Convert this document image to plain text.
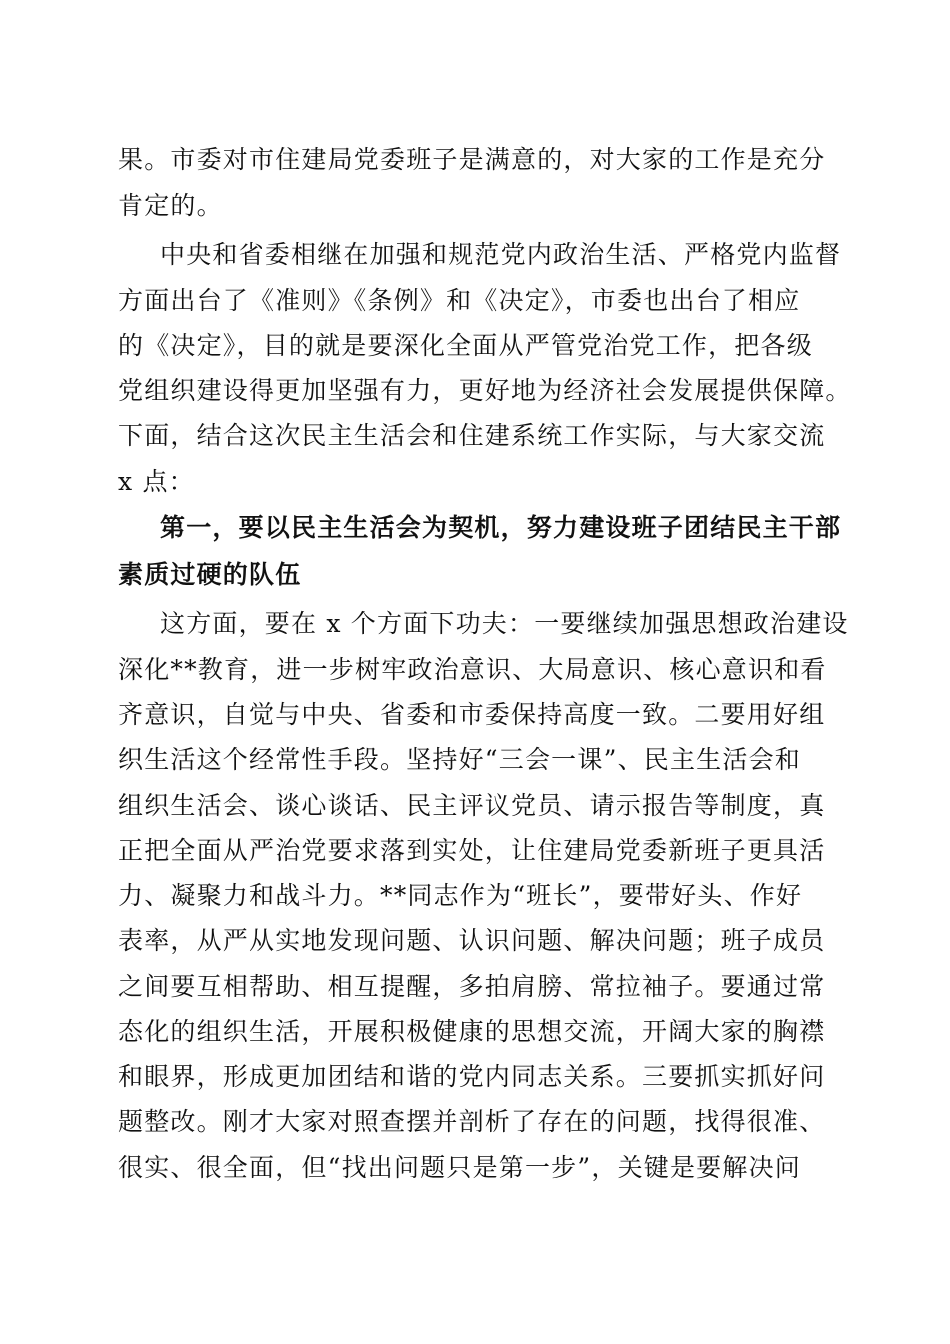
果。市委对市住建局党委班子是满意的，对大家的工作是充分
肯定的。
中央和省委相继在加强和规范党内政治生活、严格党内监督
方面出台了《准则》《条例》和《决定》，市委也出台了相应
的《决定》，目的就是要深化全面从严管党治党工作，把各级
党组织建设得更加坚强有力，更好地为经济社会发展提供保障。
下面，结合这次民主生活会和住建系统工作实际，与大家交流
x 点：
第一，要以民主生活会为契机，努力建设班子团结民主干部
素质过硬的队伍
这方面，要在 x 个方面下功夫：一要继续加强思想政治建设
深化**教育，进一步树牢政治意识、大局意识、核心意识和看
齐意识，自觉与中央、省委和市委保持高度一致。二要用好组
织生活这个经常性手段。坚持好“三会一课”、民主生活会和
组织生活会、谈心谈话、民主评议党员、请示报告等制度，真
正把全面从严治党要求落到实处，让住建局党委新班子更具活
力、凝聚力和战斗力。**同志作为“班长”，要带好头、作好
表率，从严从实地发现问题、认识问题、解决问题；班子成员
之间要互相帮助、相互提醒，多拍肩膀、常拉袖子。要通过常
态化的组织生活，开展积极健康的思想交流，开阔大家的胸襟
和眼界，形成更加团结和谐的党内同志关系。三要抓实抓好问
题整改。刚才大家对照查摆并剖析了存在的问题，找得很准、
很实、很全面，但“找出问题只是第一步”，关键是要解决问
